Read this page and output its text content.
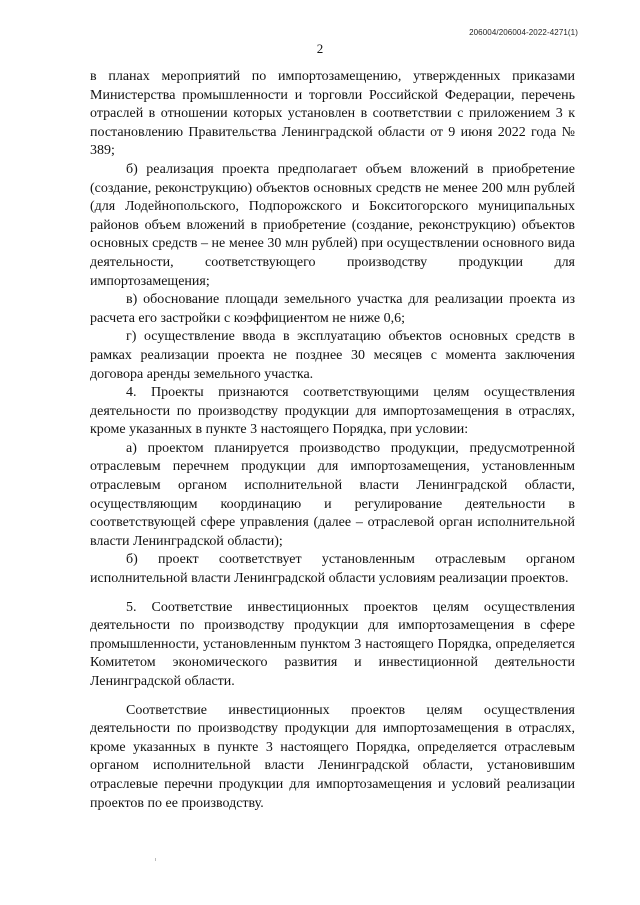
206004/206004-2022-4271(1)
2

в планах мероприятий по импортозамещению, утвержденных приказами Министерства промышленности и торговли Российской Федерации, перечень отраслей в отношении которых установлен в соответствии с приложением 3 к постановлению Правительства Ленинградской области от 9 июня 2022 года № 389;

б) реализация проекта предполагает объем вложений в приобретение (создание, реконструкцию) объектов основных средств не менее 200 млн рублей (для Лодейнопольского, Подпорожского и Бокситогорского муниципальных районов объем вложений в приобретение (создание, реконструкцию) объектов основных средств – не менее 30 млн рублей) при осуществлении основного вида деятельности, соответствующего производству продукции для импортозамещения;

в) обоснование площади земельного участка для реализации проекта из расчета его застройки с коэффициентом не ниже 0,6;

г) осуществление ввода в эксплуатацию объектов основных средств в рамках реализации проекта не позднее 30 месяцев с момента заключения договора аренды земельного участка.

4. Проекты признаются соответствующими целям осуществления деятельности по производству продукции для импортозамещения в отраслях, кроме указанных в пункте 3 настоящего Порядка, при условии:

а) проектом планируется производство продукции, предусмотренной отраслевым перечнем продукции для импортозамещения, установленным отраслевым органом исполнительной власти Ленинградской области, осуществляющим координацию и регулирование деятельности в соответствующей сфере управления (далее – отраслевой орган исполнительной власти Ленинградской области);

б) проект соответствует установленным отраслевым органом исполнительной власти Ленинградской области условиям реализации проектов.

5. Соответствие инвестиционных проектов целям осуществления деятельности по производству продукции для импортозамещения в сфере промышленности, установленным пунктом 3 настоящего Порядка, определяется Комитетом экономического развития и инвестиционной деятельности Ленинградской области.

Соответствие инвестиционных проектов целям осуществления деятельности по производству продукции для импортозамещения в отраслях, кроме указанных в пункте 3 настоящего Порядка, определяется отраслевым органом исполнительной власти Ленинградской области, установившим отраслевые перечни продукции для импортозамещения и условий реализации проектов по ее производству.
